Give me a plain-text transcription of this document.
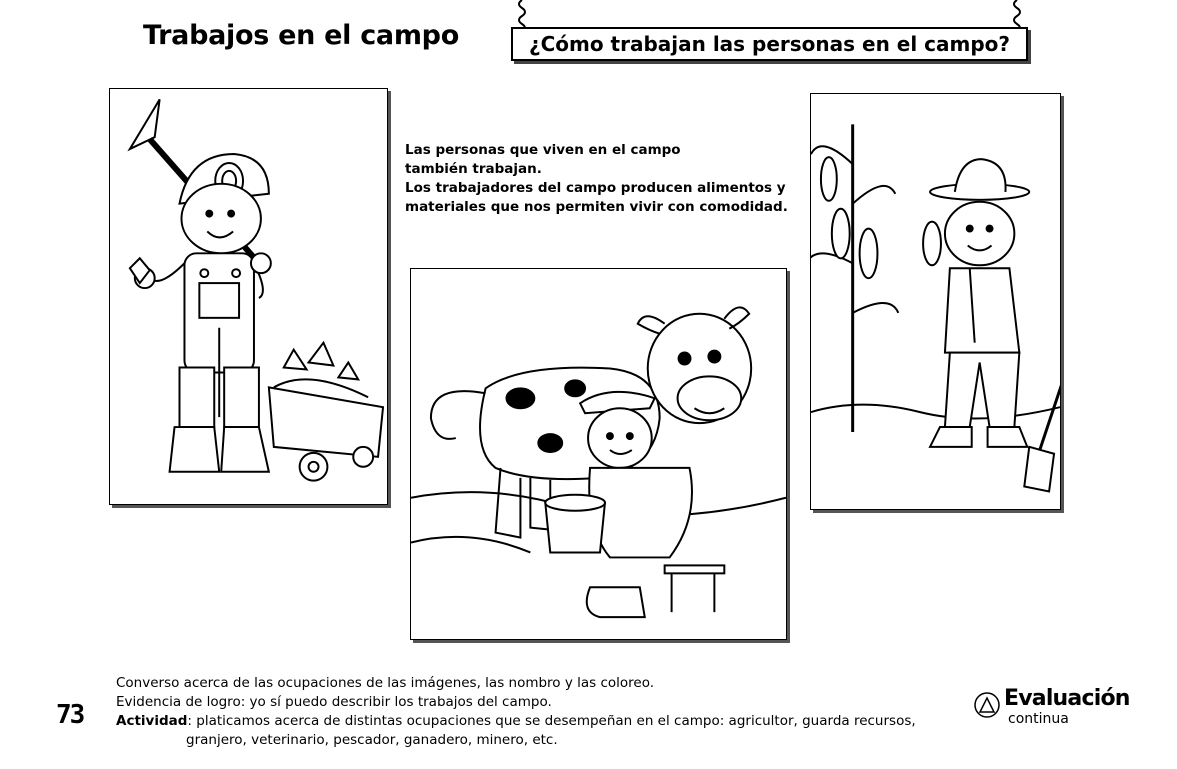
Trabajos en el campo	¿Cómo trabajan las personas en el campo?
Las personas que viven en el campo
también trabajan.
Los trabajadores del campo producen alimentos y
materiales que nos permiten vivir con comodidad.
73
Converso acerca de las ocupaciones de las imágenes, las nombro y las coloreo.
Evidencia de logro: yo sí puedo describir los trabajos del campo.
Actividad: platicamos acerca de distintas ocupaciones que se desempeñan en el campo: agricultor, guarda recursos,
granjero, veterinario, pescador, ganadero, minero, etc.
Evaluación
continua
